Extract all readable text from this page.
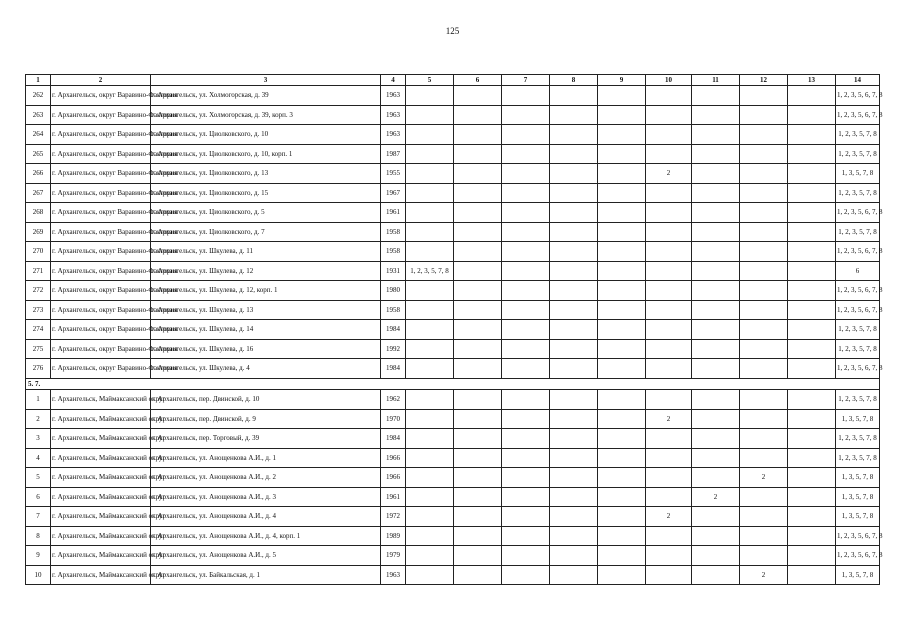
125
1	2	3	4	5	6	7	8	9	10	11	12	13	14
262	г. Архангельск, округ Варавино-Фактория	г. Архангельск, ул. Холмогорская, д. 39	1963										1, 2, 3, 5, 6, 7, 8
263	г. Архангельск, округ Варавино-Фактория	г. Архангельск, ул. Холмогорская, д. 39, корп. 3	1963										1, 2, 3, 5, 6, 7, 8
264	г. Архангельск, округ Варавино-Фактория	г. Архангельск, ул. Циолковского, д. 10	1963										1, 2, 3, 5, 7, 8
265	г. Архангельск, округ Варавино-Фактория	г. Архангельск, ул. Циолковского, д. 10, корп. 1	1987										1, 2, 3, 5, 7, 8
266	г. Архангельск, округ Варавино-Фактория	г. Архангельск, ул. Циолковского, д. 13	1955						2				1, 3, 5, 7, 8
267	г. Архангельск, округ Варавино-Фактория	г. Архангельск, ул. Циолковского, д. 15	1967										1, 2, 3, 5, 7, 8
268	г. Архангельск, округ Варавино-Фактория	г. Архангельск, ул. Циолковского, д. 5	1961										1, 2, 3, 5, 6, 7, 8
269	г. Архангельск, округ Варавино-Фактория	г. Архангельск, ул. Циолковского, д. 7	1958										1, 2, 3, 5, 7, 8
270	г. Архангельск, округ Варавино-Фактория	г. Архангельск, ул. Шкулева, д. 11	1958										1, 2, 3, 5, 6, 7, 8
271	г. Архангельск, округ Варавино-Фактория	г. Архангельск, ул. Шкулева, д. 12	1931	1, 2, 3, 5, 7, 8									6
272	г. Архангельск, округ Варавино-Фактория	г. Архангельск, ул. Шкулева, д. 12, корп. 1	1980										1, 2, 3, 5, 6, 7, 8
273	г. Архангельск, округ Варавино-Фактория	г. Архангельск, ул. Шкулева, д. 13	1958										1, 2, 3, 5, 6, 7, 8
274	г. Архангельск, округ Варавино-Фактория	г. Архангельск, ул. Шкулева, д. 14	1984										1, 2, 3, 5, 7, 8
275	г. Архангельск, округ Варавино-Фактория	г. Архангельск, ул. Шкулева, д. 16	1992										1, 2, 3, 5, 7, 8
276	г. Архангельск, округ Варавино-Фактория	г. Архангельск, ул. Шкулева, д. 4	1984										1, 2, 3, 5, 6, 7, 8
5. 7.													
1	г. Архангельск, Маймаксанский округ	г. Архангельск, пер. Двинской, д. 10	1962										1, 2, 3, 5, 7, 8
2	г. Архангельск, Маймаксанский округ	г. Архангельск, пер. Двинской, д. 9	1970						2				1, 3, 5, 7, 8
3	г. Архангельск, Маймаксанский округ	г. Архангельск, пер. Торговый, д. 39	1984										1, 2, 3, 5, 7, 8
4	г. Архангельск, Маймаксанский округ	г. Архангельск, ул. Анощенкова А.И., д. 1	1966										1, 2, 3, 5, 7, 8
5	г. Архангельск, Маймаксанский округ	г. Архангельск, ул. Анощенкова А.И., д. 2	1966								2		1, 3, 5, 7, 8
6	г. Архангельск, Маймаксанский округ	г. Архангельск, ул. Анощенкова А.И., д. 3	1961							2			1, 3, 5, 7, 8
7	г. Архангельск, Маймаксанский округ	г. Архангельск, ул. Анощенкова А.И., д. 4	1972						2				1, 3, 5, 7, 8
8	г. Архангельск, Маймаксанский округ	г. Архангельск, ул. Анощенкова А.И., д. 4, корп. 1	1989										1, 2, 3, 5, 6, 7, 8
9	г. Архангельск, Маймаксанский округ	г. Архангельск, ул. Анощенкова А.И., д. 5	1979										1, 2, 3, 5, 6, 7, 8
10	г. Архангельск, Маймаксанский округ	г. Архангельск, ул. Байкальская, д. 1	1963								2		1, 3, 5, 7, 8
